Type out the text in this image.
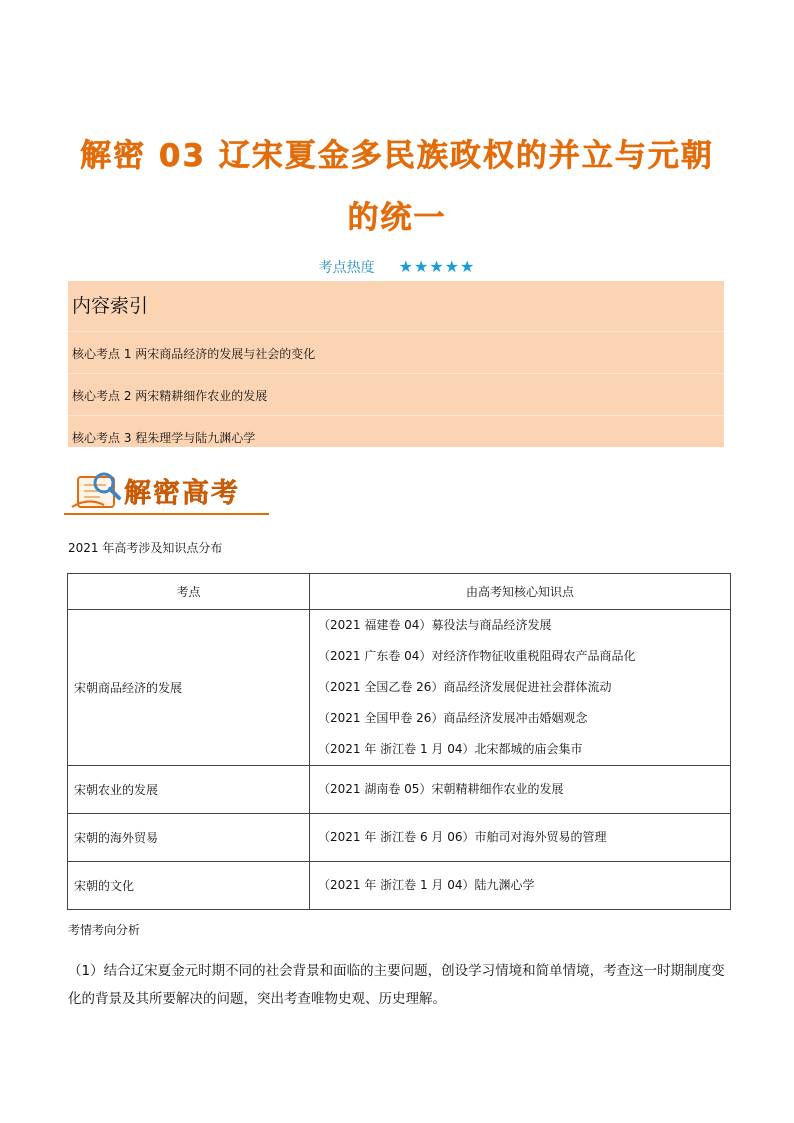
解密 03 辽宋夏金多民族政权的并立与元朝
的统一
考点热度 ★★★★★
内容索引
核心考点 1 两宋商品经济的发展与社会的变化
核心考点 2 两宋精耕细作农业的发展
核心考点 3 程朱理学与陆九渊心学
解密高考
2021 年高考涉及知识点分布
考点	由高考知核心知识点
宋朝商品经济的发展	（2021 福建卷 04）募役法与商品经济发展
（2021 广东卷 04）对经济作物征收重税阻碍农产品商品化
（2021 全国乙卷 26）商品经济发展促进社会群体流动
（2021 全国甲卷 26）商品经济发展冲击婚姻观念
（2021 年 浙江卷 1 月 04）北宋都城的庙会集市

宋朝农业的发展	（2021 湖南卷 05）宋朝精耕细作农业的发展

宋朝的海外贸易	（2021 年 浙江卷 6 月 06）市舶司对海外贸易的管理

宋朝的文化	（2021 年 浙江卷 1 月 04）陆九渊心学
考情考向分析
（1）结合辽宋夏金元时期不同的社会背景和面临的主要问题，创设学习情境和简单情境，考查这一时期制度变化的背景及其所要解决的问题，突出考查唯物史观、历史理解。
